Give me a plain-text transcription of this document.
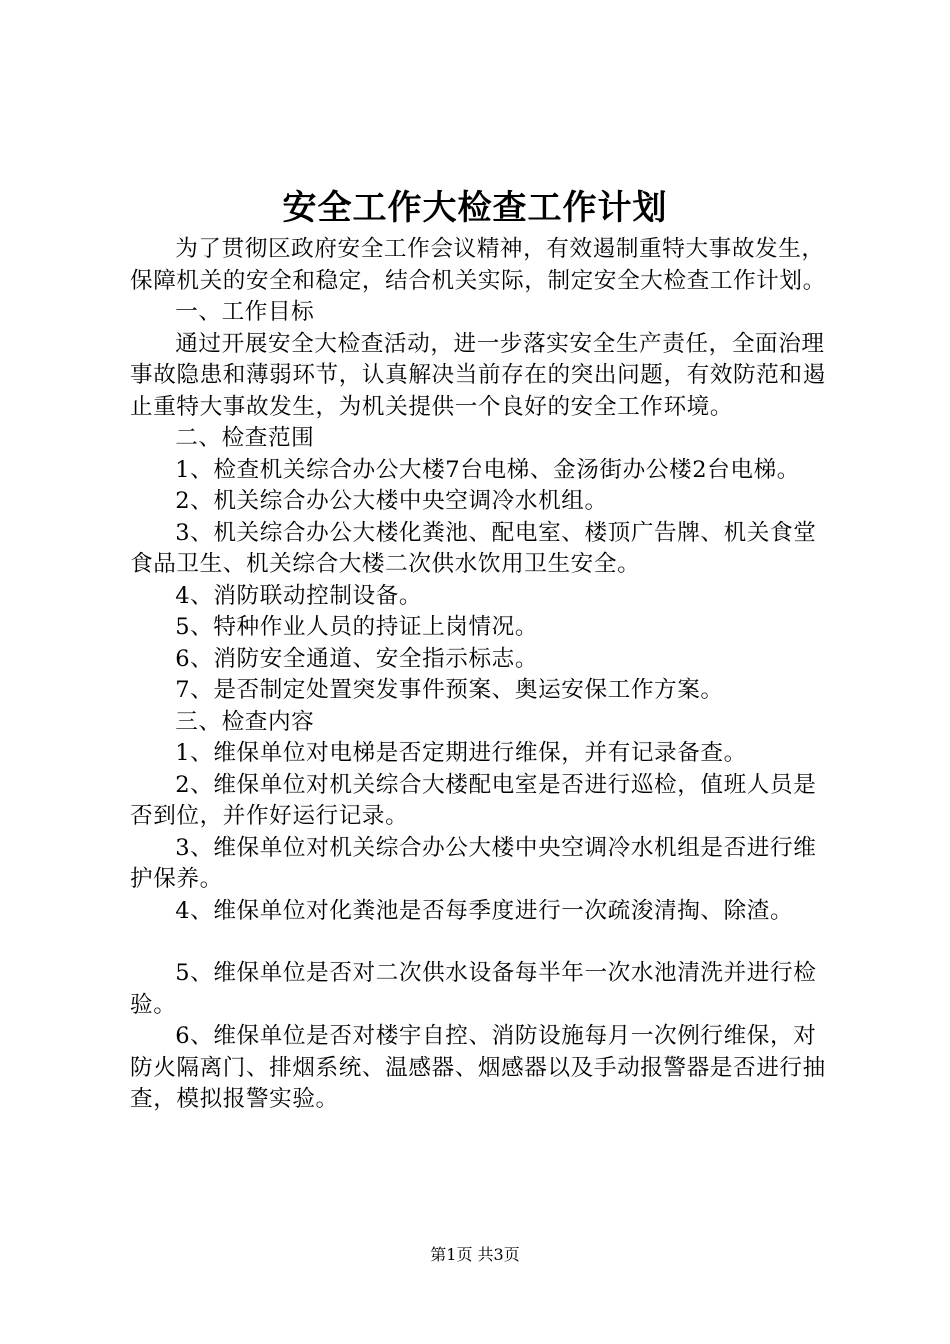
安全工作大检查工作计划

为了贯彻区政府安全工作会议精神，有效遏制重特大事故发生，保障机关的安全和稳定，结合机关实际，制定安全大检查工作计划。

一、工作目标

通过开展安全大检查活动，进一步落实安全生产责任，全面治理事故隐患和薄弱环节，认真解决当前存在的突出问题，有效防范和遏止重特大事故发生，为机关提供一个良好的安全工作环境。

二、检查范围

1、检查机关综合办公大楼7台电梯、金汤街办公楼2台电梯。

2、机关综合办公大楼中央空调冷水机组。

3、机关综合办公大楼化粪池、配电室、楼顶广告牌、机关食堂食品卫生、机关综合大楼二次供水饮用卫生安全。

4、消防联动控制设备。

5、特种作业人员的持证上岗情况。

6、消防安全通道、安全指示标志。

7、是否制定处置突发事件预案、奥运安保工作方案。

三、检查内容

1、维保单位对电梯是否定期进行维保，并有记录备查。

2、维保单位对机关综合大楼配电室是否进行巡检，值班人员是否到位，并作好运行记录。

3、维保单位对机关综合办公大楼中央空调冷水机组是否进行维护保养。

4、维保单位对化粪池是否每季度进行一次疏浚清掏、除渣。

5、维保单位是否对二次供水设备每半年一次水池清洗并进行检验。

6、维保单位是否对楼宇自控、消防设施每月一次例行维保，对防火隔离门、排烟系统、温感器、烟感器以及手动报警器是否进行抽查，模拟报警实验。

第1页 共3页
